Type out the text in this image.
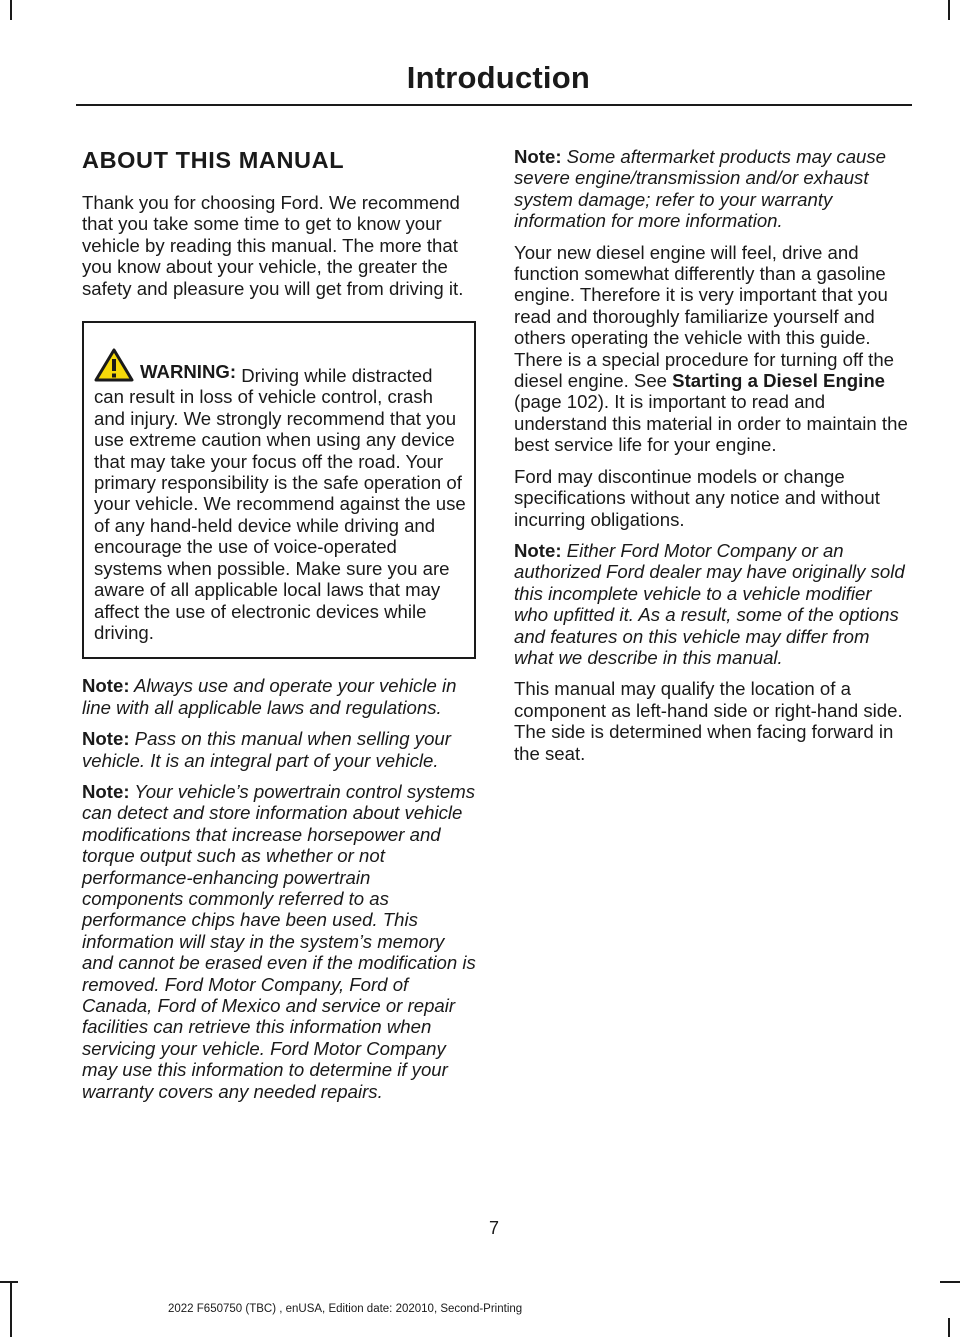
Introduction
ABOUT THIS MANUAL

Thank you for choosing Ford. We recommend that you take some time to get to know your vehicle by reading this manual. The more that you know about your vehicle, the greater the safety and pleasure you will get from driving it.

WARNING: Driving while distracted can result in loss of vehicle control, crash and injury. We strongly recommend that you use extreme caution when using any device that may take your focus off the road. Your primary responsibility is the safe operation of your vehicle. We recommend against the use of any hand-held device while driving and encourage the use of voice-operated systems when possible. Make sure you are aware of all applicable local laws that may affect the use of electronic devices while driving.

Note: Always use and operate your vehicle in line with all applicable laws and regulations.

Note: Pass on this manual when selling your vehicle. It is an integral part of your vehicle.

Note: Your vehicle’s powertrain control systems can detect and store information about vehicle modifications that increase horsepower and torque output such as whether or not performance-enhancing powertrain components commonly referred to as performance chips have been used. This information will stay in the system’s memory and cannot be erased even if the modification is removed. Ford Motor Company, Ford of Canada, Ford of Mexico and service or repair facilities can retrieve this information when servicing your vehicle. Ford Motor Company may use this information to determine if your warranty covers any needed repairs.

Note: Some aftermarket products may cause severe engine/transmission and/or exhaust system damage; refer to your warranty information for more information.

Your new diesel engine will feel, drive and function somewhat differently than a gasoline engine. Therefore it is very important that you read and thoroughly familiarize yourself and others operating the vehicle with this guide. There is a special procedure for turning off the diesel engine. See Starting a Diesel Engine (page 102). It is important to read and understand this material in order to maintain the best service life for your engine.

Ford may discontinue models or change specifications without any notice and without incurring obligations.

Note: Either Ford Motor Company or an authorized Ford dealer may have originally sold this incomplete vehicle to a vehicle modifier who upfitted it. As a result, some of the options and features on this vehicle may differ from what we describe in this manual.

This manual may qualify the location of a component as left-hand side or right-hand side. The side is determined when facing forward in the seat.

7
2022 F650750 (TBC) , enUSA, Edition date: 202010, Second-Printing
